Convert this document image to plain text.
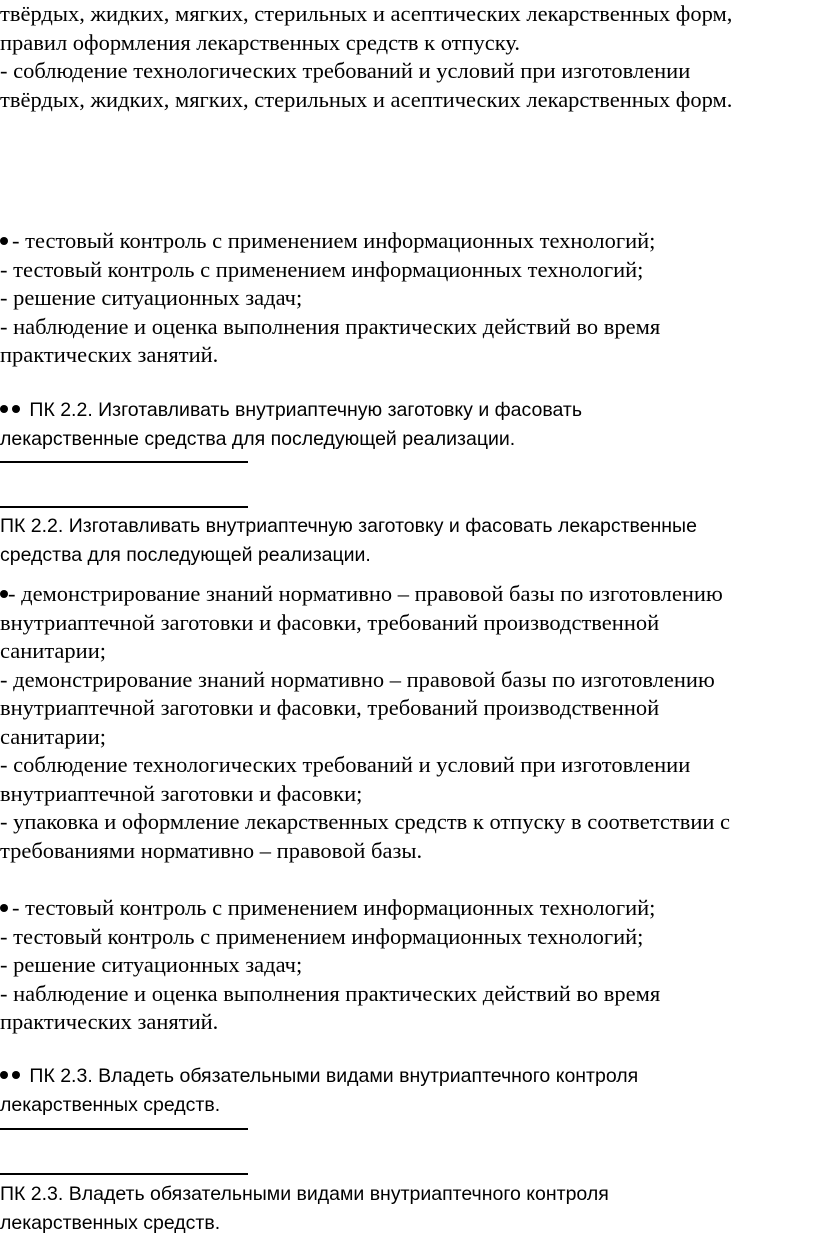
твёрдых, жидких, мягких, стерильных и асептических лекарственных форм,
правил оформления лекарственных средств к отпуску.
- соблюдение технологических требований и условий при изготовлении
твёрдых, жидких, мягких, стерильных и асептических лекарственных форм.
- тестовый контроль с применением информационных технологий;
- тестовый контроль с применением информационных технологий;
- решение ситуационных задач;
- наблюдение и оценка выполнения практических действий во время
практических занятий.
ПК 2.2. Изготавливать внутриаптечную заготовку и фасовать
лекарственные средства для последующей реализации.
ПК 2.2. Изготавливать внутриаптечную заготовку и фасовать лекарственные
средства для последующей реализации.
- демонстрирование знаний нормативно – правовой базы по изготовлению
внутриаптечной заготовки и фасовки, требований производственной
санитарии;
- демонстрирование знаний нормативно – правовой базы по изготовлению
внутриаптечной заготовки и фасовки, требований производственной
санитарии;
- соблюдение технологических требований и условий при изготовлении
внутриаптечной заготовки и фасовки;
- упаковка и оформление лекарственных средств к отпуску в соответствии с
требованиями нормативно – правовой базы.
- тестовый контроль с применением информационных технологий;
- тестовый контроль с применением информационных технологий;
- решение ситуационных задач;
- наблюдение и оценка выполнения практических действий во время
практических занятий.
ПК 2.3. Владеть обязательными видами внутриаптечного контроля
лекарственных средств.
ПК 2.3. Владеть обязательными видами внутриаптечного контроля
лекарственных средств.
